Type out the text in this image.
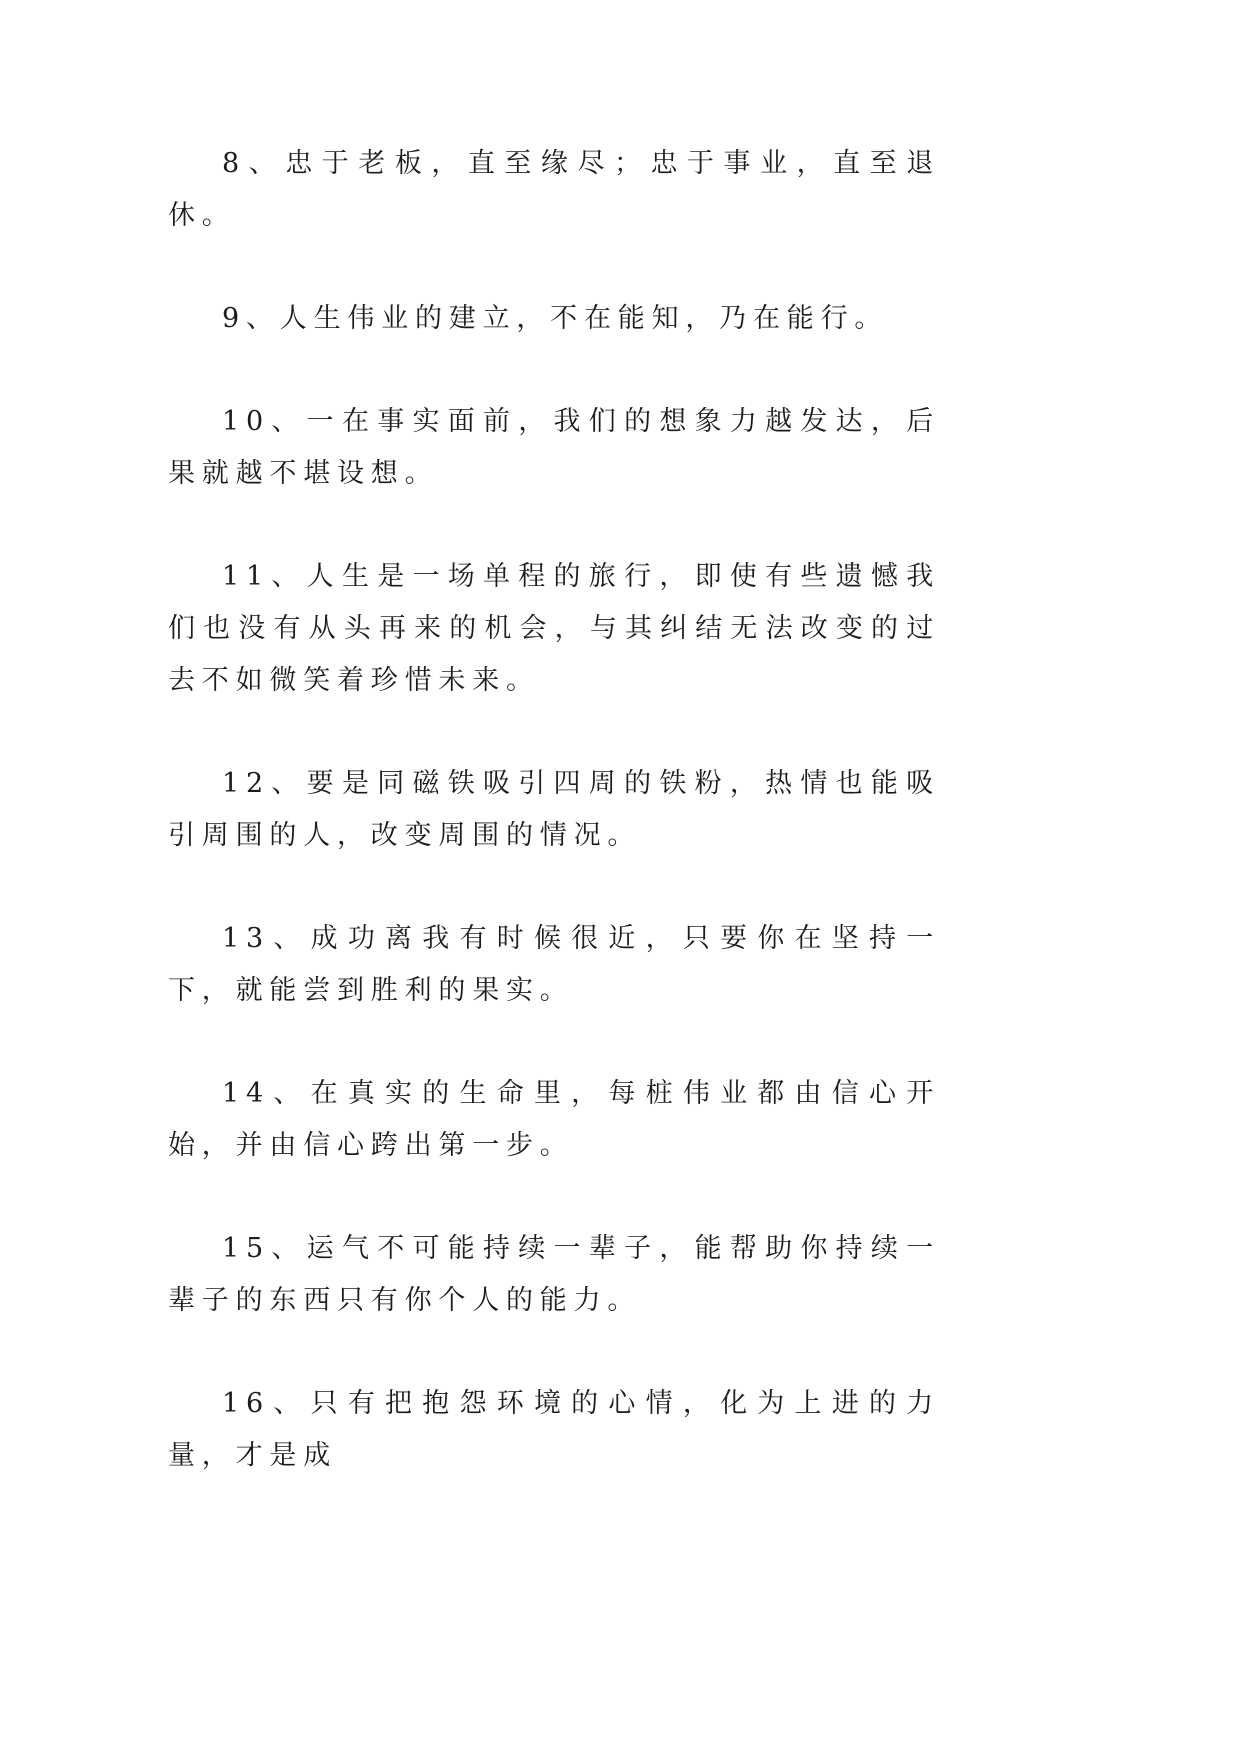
8、忠于老板，直至缘尽；忠于事业，直至退休。

9、人生伟业的建立，不在能知，乃在能行。

10、一在事实面前，我们的想象力越发达，后果就越不堪设想。

11、人生是一场单程的旅行，即使有些遗憾我们也没有从头再来的机会，与其纠结无法改变的过去不如微笑着珍惜未来。

12、要是同磁铁吸引四周的铁粉，热情也能吸引周围的人，改变周围的情况。

13、成功离我有时候很近，只要你在坚持一下，就能尝到胜利的果实。

14、在真实的生命里，每桩伟业都由信心开始，并由信心跨出第一步。

15、运气不可能持续一辈子，能帮助你持续一辈子的东西只有你个人的能力。

16、只有把抱怨环境的心情，化为上进的力量，才是成
